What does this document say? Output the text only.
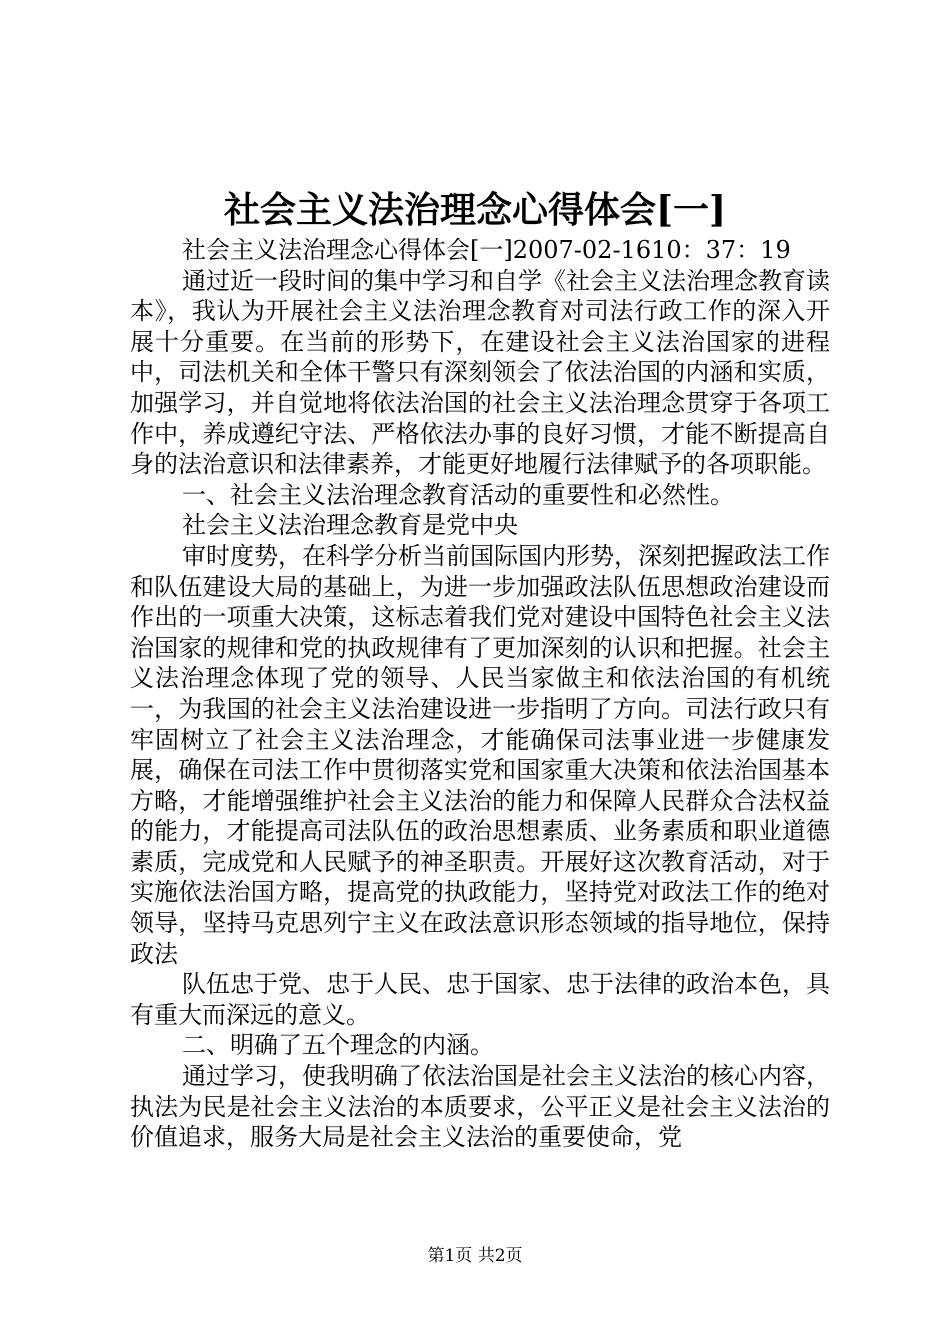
社会主义法治理念心得体会[一]

社会主义法治理念心得体会[一]2007-02-1610：37：19

通过近一段时间的集中学习和自学《社会主义法治理念教育读本》，我认为开展社会主义法治理念教育对司法行政工作的深入开展十分重要。在当前的形势下，在建设社会主义法治国家的进程中，司法机关和全体干警只有深刻领会了依法治国的内涵和实质，加强学习，并自觉地将依法治国的社会主义法治理念贯穿于各项工作中，养成遵纪守法、严格依法办事的良好习惯，才能不断提高自身的法治意识和法律素养，才能更好地履行法律赋予的各项职能。

一、社会主义法治理念教育活动的重要性和必然性。

社会主义法治理念教育是党中央

审时度势，在科学分析当前国际国内形势，深刻把握政法工作和队伍建设大局的基础上，为进一步加强政法队伍思想政治建设而作出的一项重大决策，这标志着我们党对建设中国特色社会主义法治国家的规律和党的执政规律有了更加深刻的认识和把握。社会主义法治理念体现了党的领导、人民当家做主和依法治国的有机统一，为我国的社会主义法治建设进一步指明了方向。司法行政只有牢固树立了社会主义法治理念，才能确保司法事业进一步健康发展，确保在司法工作中贯彻落实党和国家重大决策和依法治国基本方略，才能增强维护社会主义法治的能力和保障人民群众合法权益的能力，才能提高司法队伍的政治思想素质、业务素质和职业道德素质，完成党和人民赋予的神圣职责。开展好这次教育活动，对于实施依法治国方略，提高党的执政能力，坚持党对政法工作的绝对领导，坚持马克思列宁主义在政法意识形态领域的指导地位，保持政法

队伍忠于党、忠于人民、忠于国家、忠于法律的政治本色，具有重大而深远的意义。

二、明确了五个理念的内涵。

通过学习，使我明确了依法治国是社会主义法治的核心内容，执法为民是社会主义法治的本质要求，公平正义是社会主义法治的价值追求，服务大局是社会主义法治的重要使命，党

第1页 共2页
